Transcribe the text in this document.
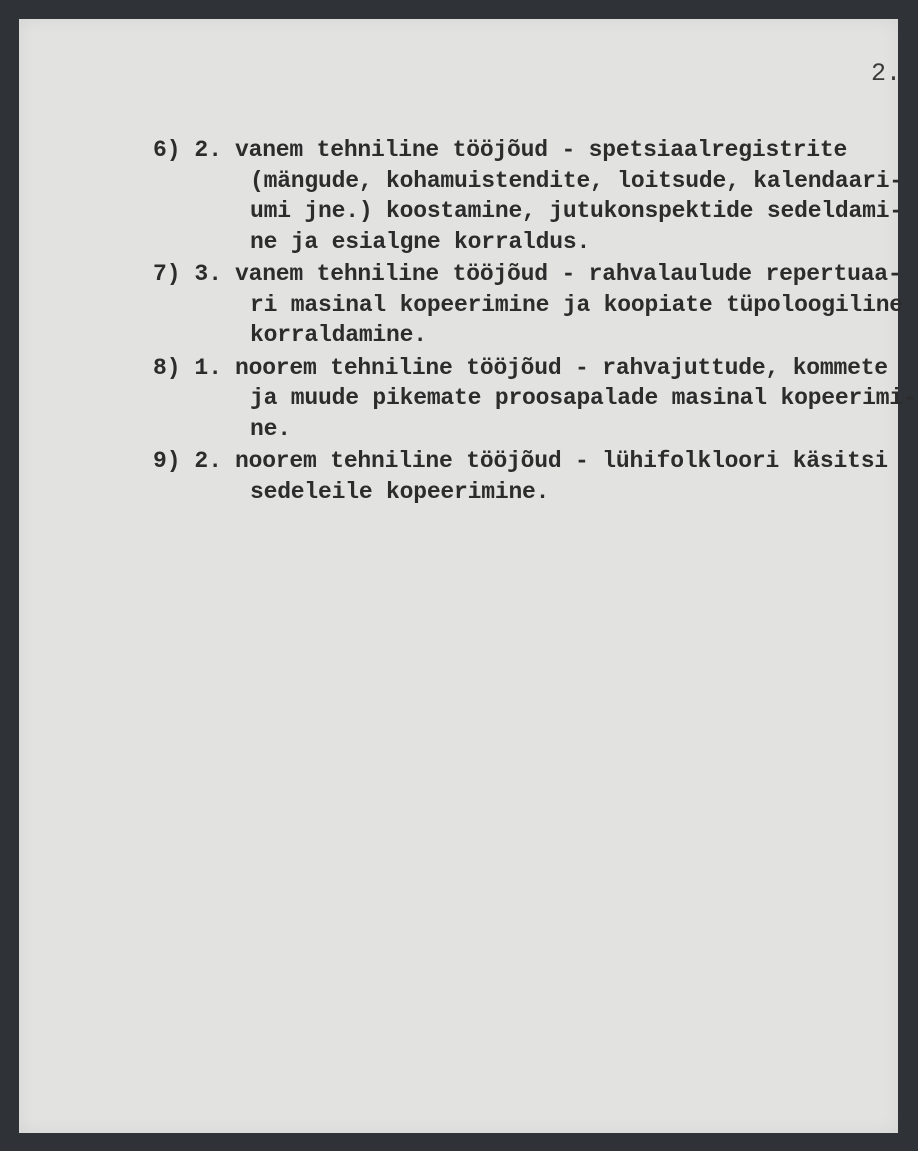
2.
6) 2. vanem tehniline tööjõud - spetsiaalregistrite
(mängude, kohamuistendite, loitsude, kalendaari-
umi jne.) koostamine, jutukonspektide sedeldami-
ne ja esialgne korraldus.
7) 3. vanem tehniline tööjõud - rahvalaulude repertuaa-
ri masinal kopeerimine ja koopiate tüpoloogiline
korraldamine.
8) 1. noorem tehniline tööjõud - rahvajuttude, kommete
ja muude pikemate proosapalade masinal kopeerimi-
ne.
9) 2. noorem tehniline tööjõud - lühifolkloori käsitsi
sedeleile kopeerimine.
